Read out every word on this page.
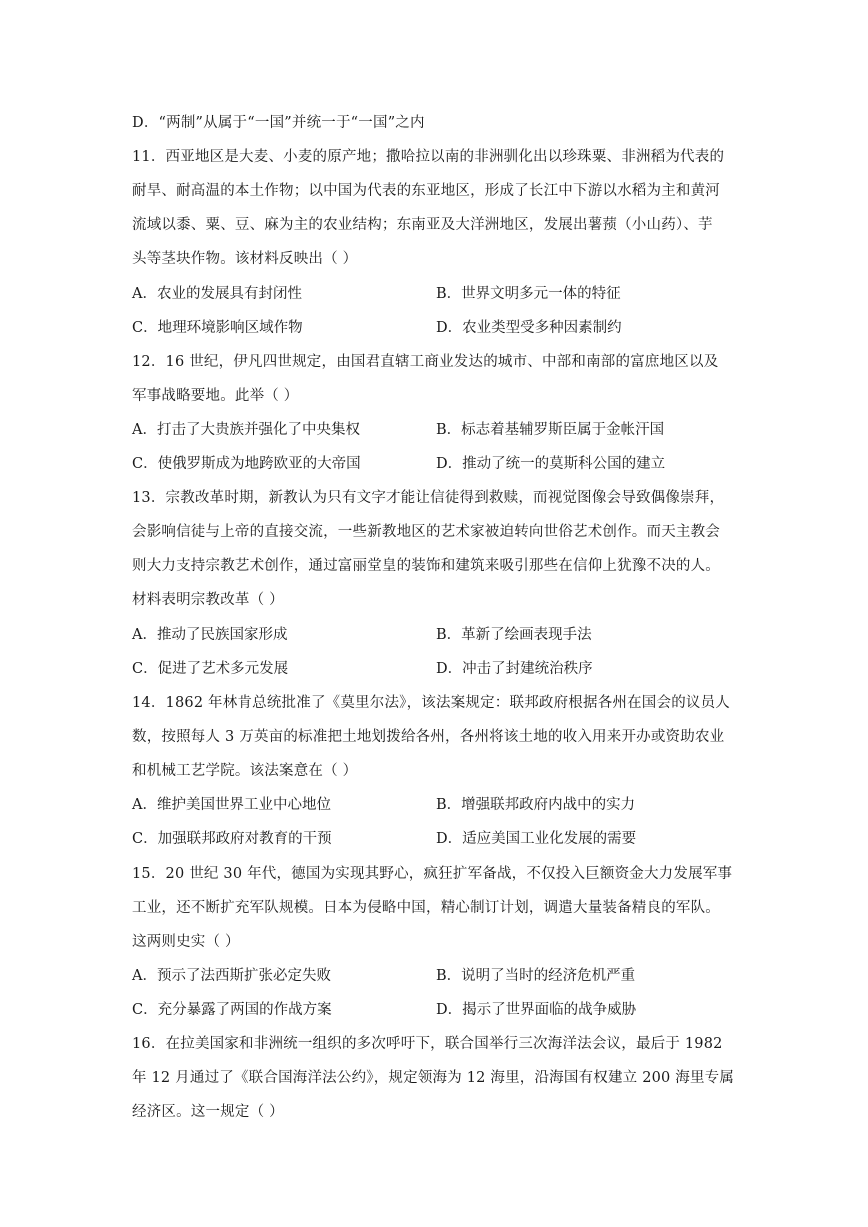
D．“两制”从属于“一国”并统一于“一国”之内
11．西亚地区是大麦、小麦的原产地；撒哈拉以南的非洲驯化出以珍珠粟、非洲稻为代表的
耐旱、耐高温的本土作物；以中国为代表的东亚地区，形成了长江中下游以水稻为主和黄河
流域以黍、粟、豆、麻为主的农业结构；东南亚及大洋洲地区，发展出薯蓣（小山药）、芋
头等茎块作物。该材料反映出（ ）
A．农业的发展具有封闭性	B．世界文明多元一体的特征
C．地理环境影响区域作物	D．农业类型受多种因素制约
12．16 世纪，伊凡四世规定，由国君直辖工商业发达的城市、中部和南部的富庶地区以及
军事战略要地。此举（ ）
A．打击了大贵族并强化了中央集权	B．标志着基辅罗斯臣属于金帐汗国
C．使俄罗斯成为地跨欧亚的大帝国	D．推动了统一的莫斯科公国的建立
13．宗教改革时期，新教认为只有文字才能让信徒得到救赎，而视觉图像会导致偶像崇拜，
会影响信徒与上帝的直接交流，一些新教地区的艺术家被迫转向世俗艺术创作。而天主教会
则大力支持宗教艺术创作，通过富丽堂皇的装饰和建筑来吸引那些在信仰上犹豫不决的人。
材料表明宗教改革（ ）
A．推动了民族国家形成	B．革新了绘画表现手法
C．促进了艺术多元发展	D．冲击了封建统治秩序
14．1862 年林肯总统批准了《莫里尔法》，该法案规定：联邦政府根据各州在国会的议员人
数，按照每人 3 万英亩的标准把土地划拨给各州，各州将该土地的收入用来开办或资助农业
和机械工艺学院。该法案意在（ ）
A．维护美国世界工业中心地位	B．增强联邦政府内战中的实力
C．加强联邦政府对教育的干预	D．适应美国工业化发展的需要
15．20 世纪 30 年代，德国为实现其野心，疯狂扩军备战，不仅投入巨额资金大力发展军事
工业，还不断扩充军队规模。日本为侵略中国，精心制订计划，调遣大量装备精良的军队。
这两则史实（ ）
A．预示了法西斯扩张必定失败	B．说明了当时的经济危机严重
C．充分暴露了两国的作战方案	D．揭示了世界面临的战争威胁
16．在拉美国家和非洲统一组织的多次呼吁下，联合国举行三次海洋法会议，最后于 1982
年 12 月通过了《联合国海洋法公约》，规定领海为 12 海里，沿海国有权建立 200 海里专属
经济区。这一规定（ ）
